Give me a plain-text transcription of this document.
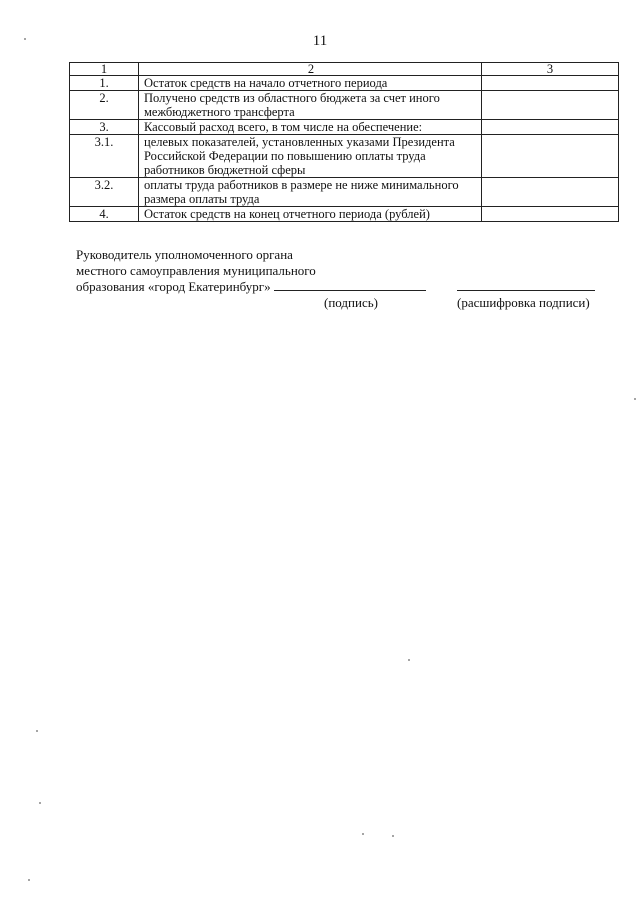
11
1	2	3
1.	Остаток средств на начало отчетного периода	
2.	Получено средств из областного бюджета за счет иного межбюджетного трансферта	
3.	Кассовый расход всего, в том числе на обеспечение:	
3.1.	целевых показателей, установленных указами Президента Российской Федерации по повышению оплаты труда работников бюджетной сферы	
3.2.	оплаты труда работников в размере не ниже минимального размера оплаты труда	
4.	Остаток средств на конец отчетного периода (рублей)	
Руководитель уполномоченного органа
местного самоуправления муниципального
образования «город Екатеринбург»
(подпись)	(расшифровка подписи)
